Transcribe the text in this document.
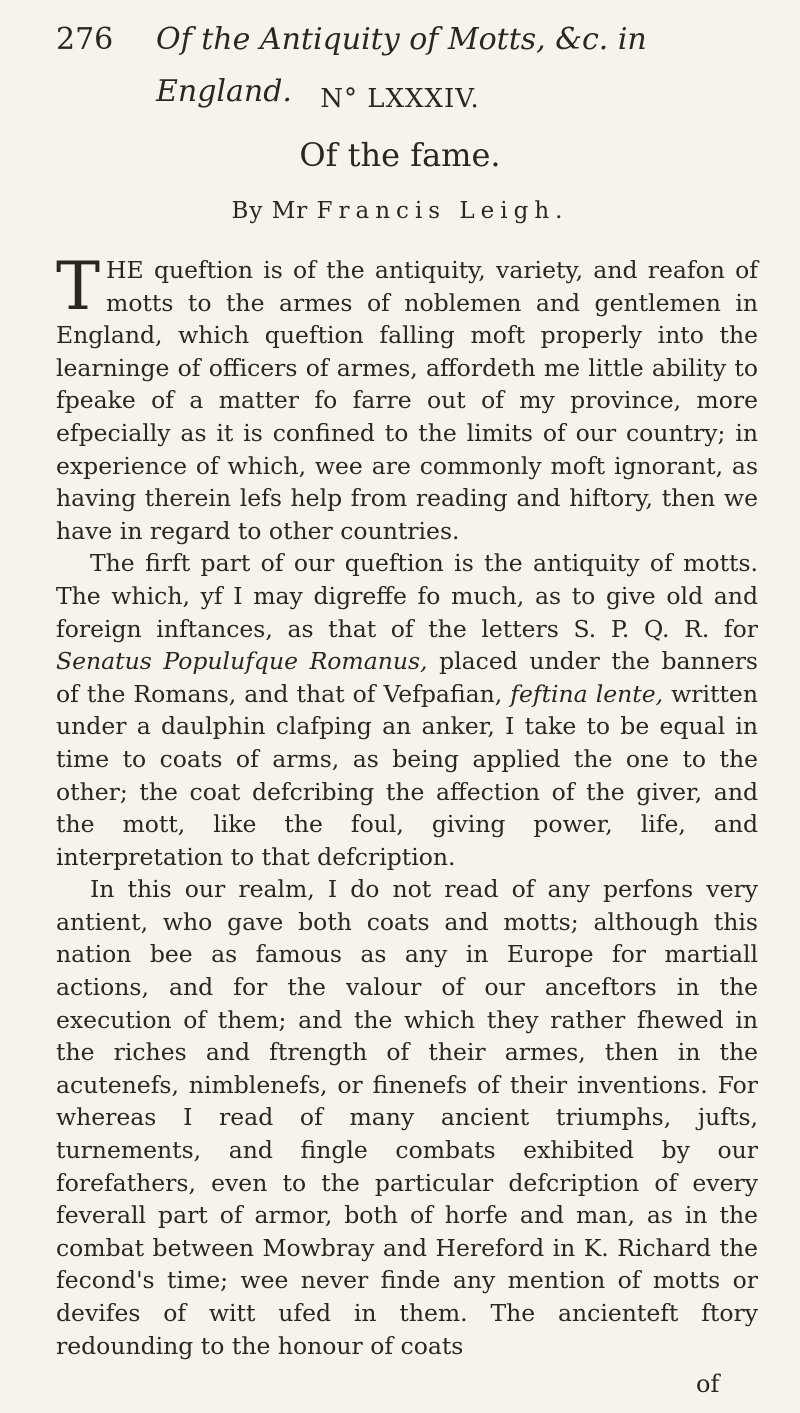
276 Of the Antiquity of Motts, &c. in England.	N° LXXXIV.
Of the fame.
By Mr Francis Leigh.

THE queftion is of the antiquity, variety, and reafon of motts to the armes of noblemen and gentlemen in England, which queftion falling moft properly into the learninge of officers of armes, affordeth me little ability to fpeake of a matter fo farre out of my province, more efpecially as it is confined to the limits of our country; in experience of which, wee are commonly moft ignorant, as having therein lefs help from reading and hiftory, then we have in regard to other countries.

The firft part of our queftion is the antiquity of motts. The which, yf I may digreffe fo much, as to give old and foreign inftances, as that of the letters S. P. Q. R. for Senatus Populufque Romanus, placed under the banners of the Romans, and that of Vefpafian, feftina lente, written under a daulphin clafping an anker, I take to be equal in time to coats of arms, as being applied the one to the other; the coat defcribing the affection of the giver, and the mott, like the foul, giving power, life, and interpretation to that defcription.

In this our realm, I do not read of any perfons very antient, who gave both coats and motts; although this nation bee as famous as any in Europe for martiall actions, and for the valour of our anceftors in the execution of them; and the which they rather fhewed in the riches and ftrength of their armes, then in the acutenefs, nimblenefs, or finenefs of their inventions. For whereas I read of many ancient triumphs, jufts, turnements, and fingle combats exhibited by our forefathers, even to the particular defcription of every feverall part of armor, both of horfe and man, as in the combat between Mowbray and Hereford in K. Richard the fecond's time; wee never finde any mention of motts or devifes of witt ufed in them. The ancienteft ftory redounding to the honour of coats

of
